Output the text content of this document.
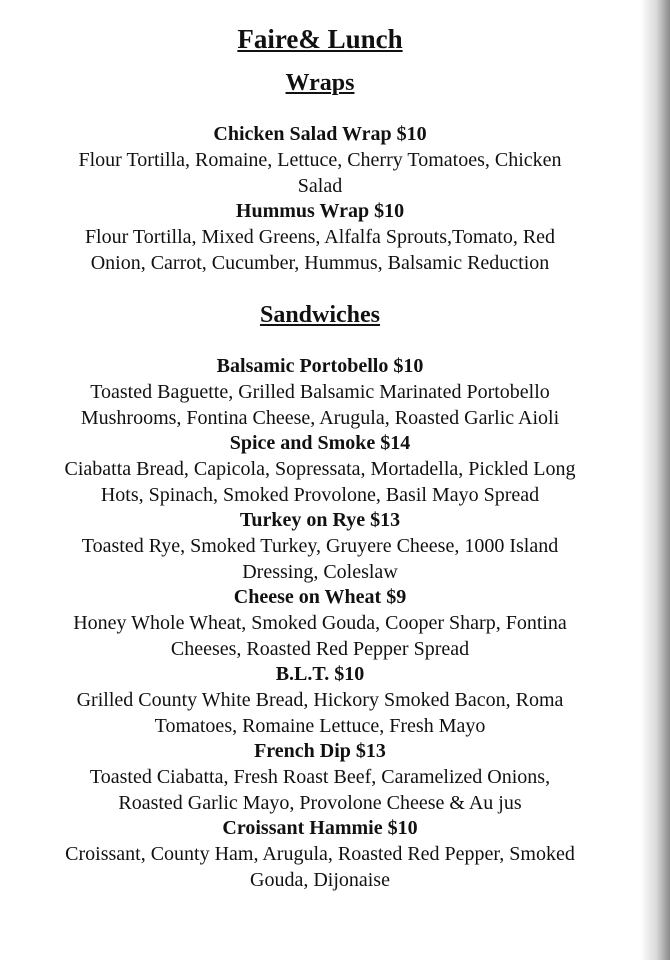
Faire& Lunch
Wraps
Chicken Salad Wrap $10
Flour Tortilla, Romaine, Lettuce, Cherry Tomatoes, Chicken
Salad
Hummus Wrap $10
Flour Tortilla, Mixed Greens, Alfalfa Sprouts,Tomato, Red
Onion, Carrot, Cucumber, Hummus, Balsamic Reduction
Sandwiches
Balsamic Portobello $10
Toasted Baguette, Grilled Balsamic Marinated Portobello
Mushrooms, Fontina Cheese, Arugula, Roasted Garlic Aioli
Spice and Smoke $14
Ciabatta Bread, Capicola, Sopressata, Mortadella, Pickled Long
Hots, Spinach, Smoked Provolone, Basil Mayo Spread
Turkey on Rye $13
Toasted Rye, Smoked Turkey, Gruyere Cheese, 1000 Island
Dressing, Coleslaw
Cheese on Wheat $9
Honey Whole Wheat, Smoked Gouda, Cooper Sharp, Fontina
Cheeses, Roasted Red Pepper Spread
B.L.T. $10
Grilled County White Bread, Hickory Smoked Bacon, Roma
Tomatoes, Romaine Lettuce, Fresh Mayo
French Dip $13
Toasted Ciabatta, Fresh Roast Beef, Caramelized Onions,
Roasted Garlic Mayo, Provolone Cheese & Au jus
Croissant Hammie $10
Croissant, County Ham, Arugula, Roasted Red Pepper, Smoked
Gouda, Dijonaise
